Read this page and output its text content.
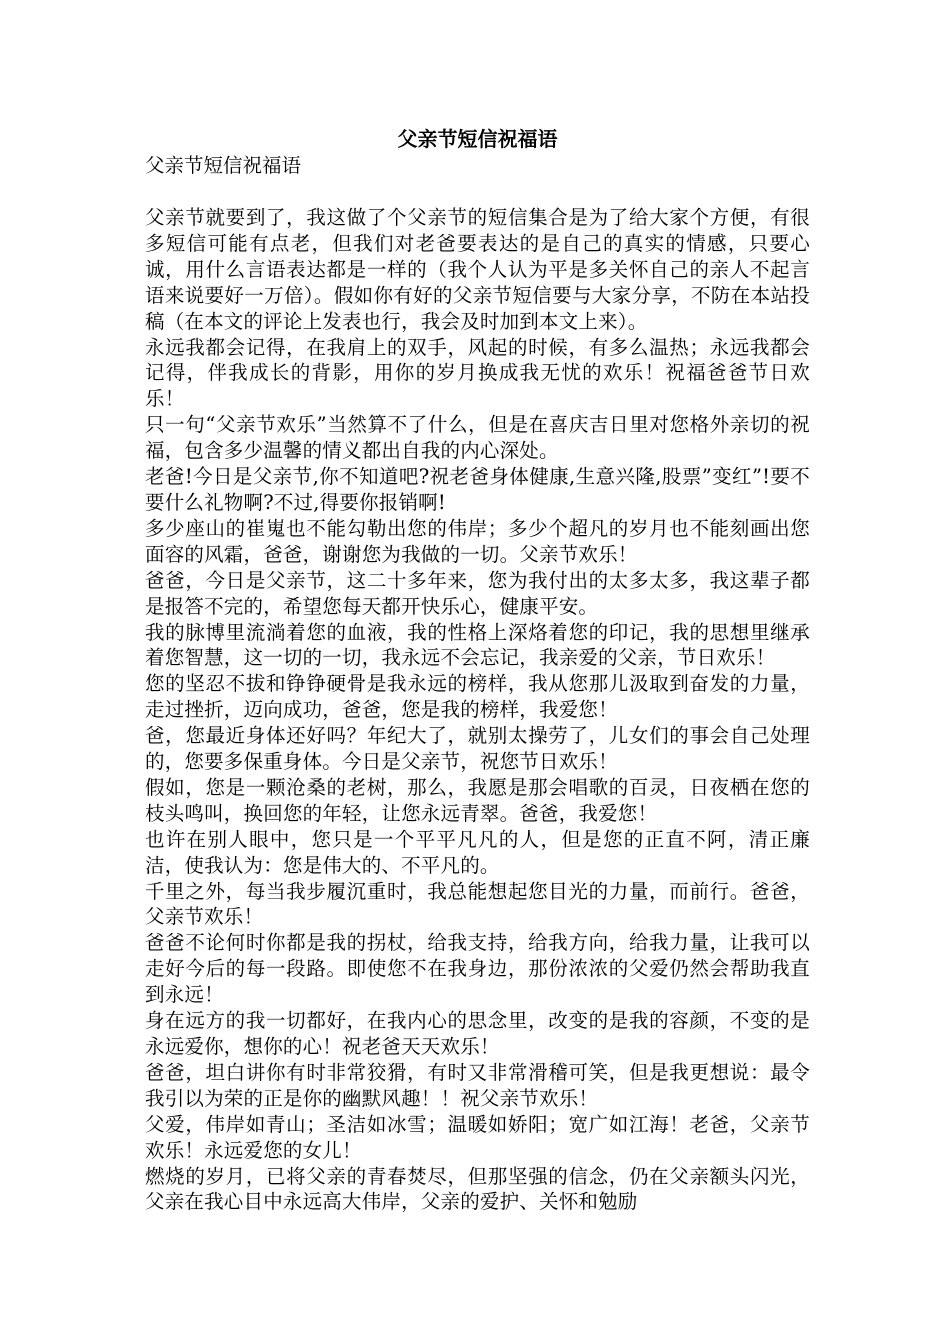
父亲节短信祝福语

父亲节短信祝福语

父亲节就要到了，我这做了个父亲节的短信集合是为了给大家个方便，有很多短信可能有点老，但我们对老爸要表达的是自己的真实的情感，只要心诚，用什么言语表达都是一样的（我个人认为平是多关怀自己的亲人不起言语来说要好一万倍）。假如你有好的父亲节短信要与大家分享，不防在本站投稿（在本文的评论上发表也行，我会及时加到本文上来）。

永远我都会记得，在我肩上的双手，风起的时候，有多么温热；永远我都会记得，伴我成长的背影，用你的岁月换成我无忧的欢乐！祝福爸爸节日欢乐！

只一句“父亲节欢乐”当然算不了什么，但是在喜庆吉日里对您格外亲切的祝福，包含多少温馨的情义都出自我的内心深处。

老爸!今日是父亲节,你不知道吧?祝老爸身体健康,生意兴隆,股票”变红”!要不要什么礼物啊?不过,得要你报销啊!

多少座山的崔嵬也不能勾勒出您的伟岸；多少个超凡的岁月也不能刻画出您面容的风霜，爸爸，谢谢您为我做的一切。父亲节欢乐！

爸爸，今日是父亲节，这二十多年来，您为我付出的太多太多，我这辈子都是报答不完的，希望您每天都开快乐心，健康平安。

我的脉博里流淌着您的血液，我的性格上深烙着您的印记，我的思想里继承着您智慧，这一切的一切，我永远不会忘记，我亲爱的父亲，节日欢乐！

您的坚忍不拔和铮铮硬骨是我永远的榜样，我从您那儿汲取到奋发的力量，走过挫折，迈向成功，爸爸，您是我的榜样，我爱您！

爸，您最近身体还好吗？年纪大了，就别太操劳了，儿女们的事会自己处理的，您要多保重身体。今日是父亲节，祝您节日欢乐！

假如，您是一颗沧桑的老树，那么，我愿是那会唱歌的百灵，日夜栖在您的枝头鸣叫，换回您的年轻，让您永远青翠。爸爸，我爱您！

也许在别人眼中，您只是一个平平凡凡的人，但是您的正直不阿，清正廉洁，使我认为：您是伟大的、不平凡的。

千里之外，每当我步履沉重时，我总能想起您目光的力量，而前行。爸爸，父亲节欢乐！

爸爸不论何时你都是我的拐杖，给我支持，给我方向，给我力量，让我可以走好今后的每一段路。即使您不在我身边，那份浓浓的父爱仍然会帮助我直到永远！

身在远方的我一切都好，在我内心的思念里，改变的是我的容颜，不变的是永远爱你，想你的心！祝老爸天天欢乐！

爸爸，坦白讲你有时非常狡猾，有时又非常滑稽可笑，但是我更想说：最令我引以为荣的正是你的幽默风趣！！祝父亲节欢乐！

父爱，伟岸如青山；圣洁如冰雪；温暖如娇阳；宽广如江海！老爸，父亲节欢乐！永远爱您的女儿！

燃烧的岁月，已将父亲的青春焚尽，但那坚强的信念，仍在父亲额头闪光，父亲在我心目中永远高大伟岸，父亲的爱护、关怀和勉励
